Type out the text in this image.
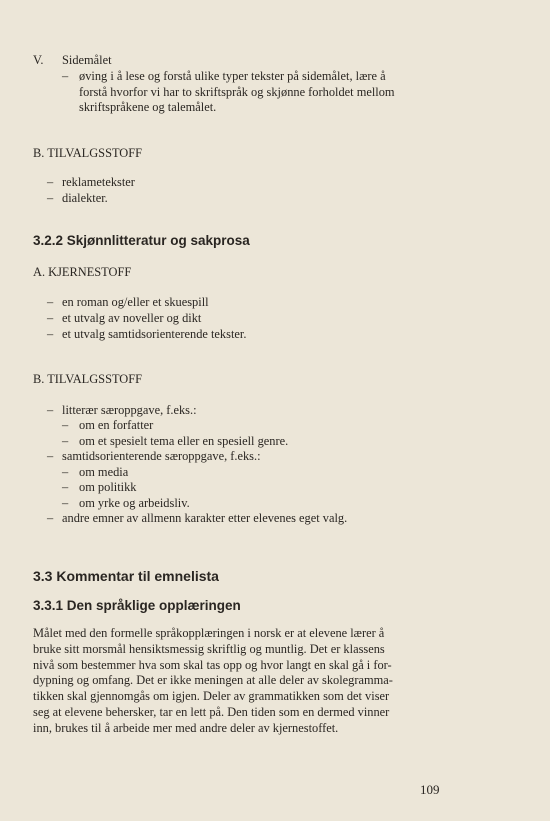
V. Sidemålet
– øving i å lese og forstå ulike typer tekster på sidemålet, lære å
forstå hvorfor vi har to skriftspråk og skjønne forholdet mellom
skriftspråkene og talemålet.
B. TILVALGSSTOFF
– reklametekster
– dialekter.
3.2.2 Skjønnlitteratur og sakprosa
A. KJERNESTOFF
– en roman og/eller et skuespill
– et utvalg av noveller og dikt
– et utvalg samtidsorienterende tekster.
B. TILVALGSSTOFF
– litterær særoppgave, f.eks.:
– om en forfatter
– om et spesielt tema eller en spesiell genre.
– samtidsorienterende særoppgave, f.eks.:
– om media
– om politikk
– om yrke og arbeidsliv.
– andre emner av allmenn karakter etter elevenes eget valg.
3.3 Kommentar til emnelista
3.3.1 Den språklige opplæringen
Målet med den formelle språkopplæringen i norsk er at elevene lærer å
bruke sitt morsmål hensiktsmessig skriftlig og muntlig. Det er klassens
nivå som bestemmer hva som skal tas opp og hvor langt en skal gå i for-
dypning og omfang. Det er ikke meningen at alle deler av skolegramma-
tikken skal gjennomgås om igjen. Deler av grammatikken som det viser
seg at elevene behersker, tar en lett på. Den tiden som en dermed vinner
inn, brukes til å arbeide mer med andre deler av kjernestoffet.
109
